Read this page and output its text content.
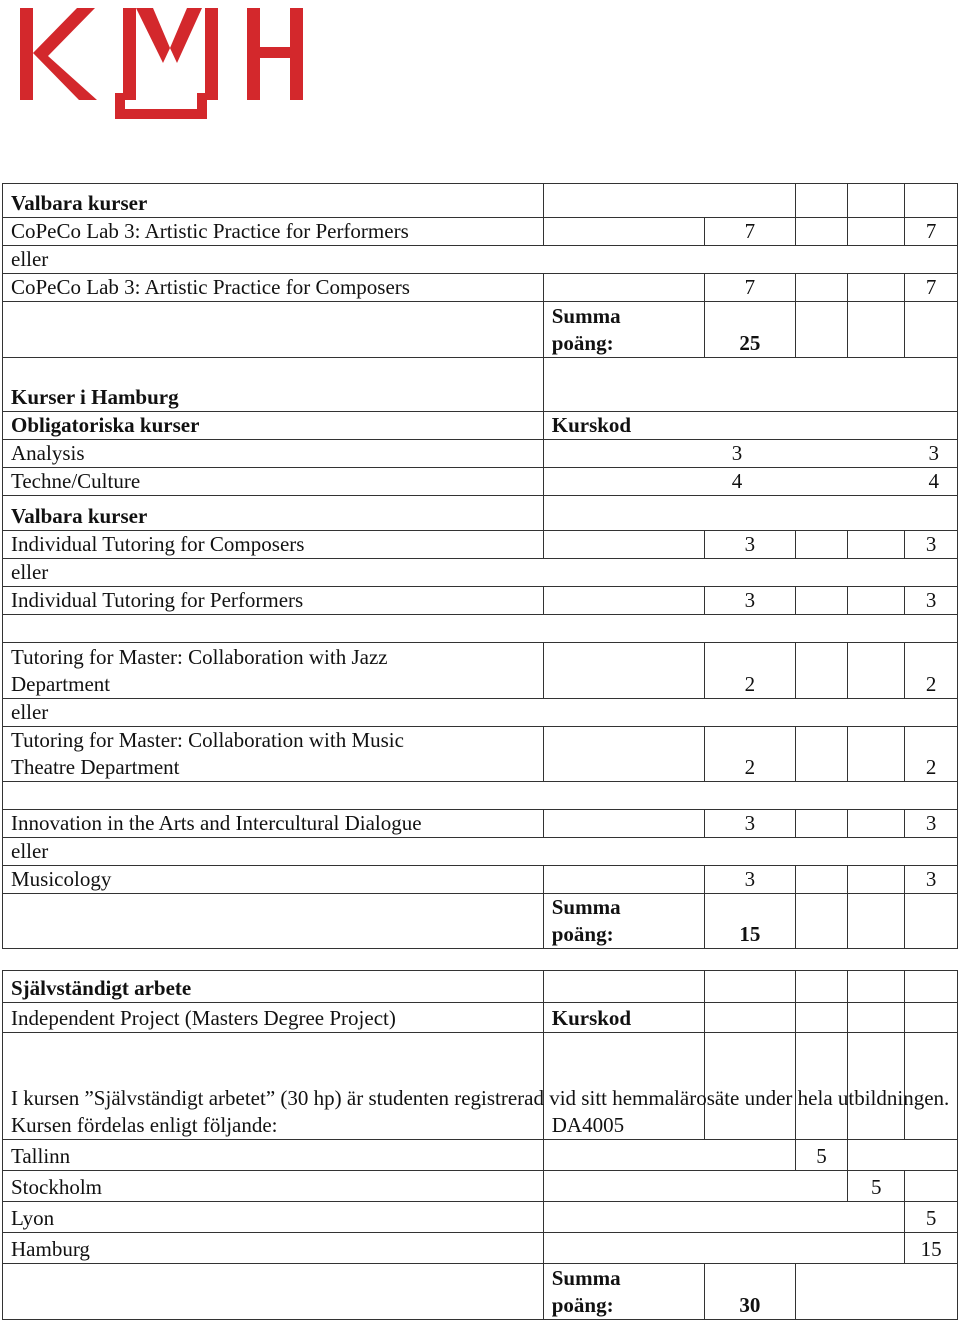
Valbara kurser					
CoPeCo Lab 3: Artistic Practice for Performers		7			7
eller					
CoPeCo Lab 3: Artistic Practice for Composers		7			7
	Summa
poäng:	25			
Kurser i Hamburg					
Obligatoriska kurser	Kurskod				
Analysis	3 3				

Techne/Culture	4 4				

Valbara kurser					
Individual Tutoring for Composers		3			3
eller					
Individual Tutoring for Performers		3			3

Tutoring for Master: Collaboration with Jazz
Department		2			2
eller					
Tutoring for Master: Collaboration with Music
Theatre Department		2			2

Innovation in the Arts and Intercultural Dialogue		3			3
eller					
Musicology		3			3
	Summa
poäng:	15			
Självständigt arbete					
Independent Project (Masters Degree Project)	Kurskod				

I kursen ”Självständigt arbetet” (30 hp) är studenten registrerad vid sitt hemmalärosäte under hela utbildningen.
Kursen fördelas enligt följande:	DA4005				
Tallinn			5		
Stockholm				5	
Lyon					5
Hamburg					15
	Summa
poäng:	30			
